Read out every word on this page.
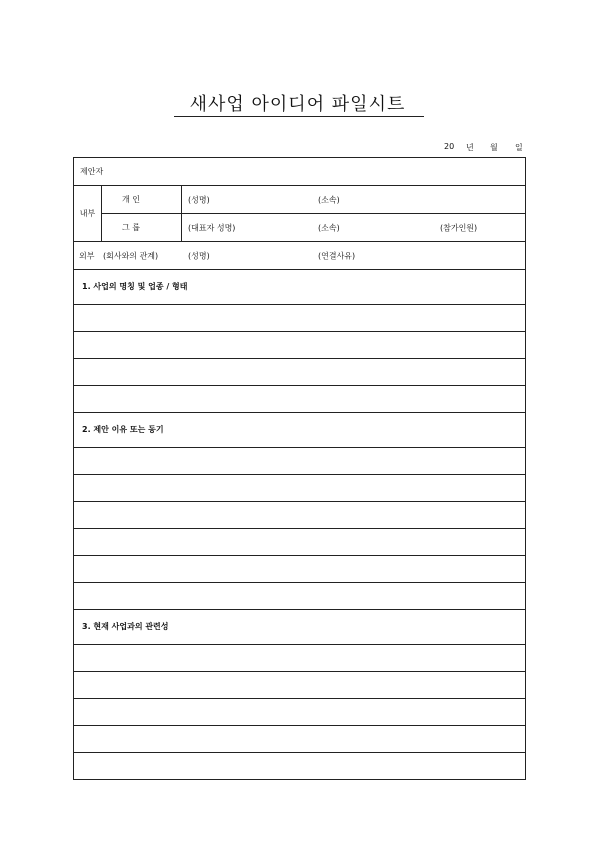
새사업 아이디어 파일시트
20 년 월 일
제안자		
내부	개 인	(성명) (소속)

	그 룹	(대표자 성명) (소속) (참가인원)

외부 (회사와의 관계) (성명) (연결사유)		

1. 사업의 명칭 및 업종 / 형태		

2. 제안 이유 또는 동기		

3. 현재 사업과의 관련성		
